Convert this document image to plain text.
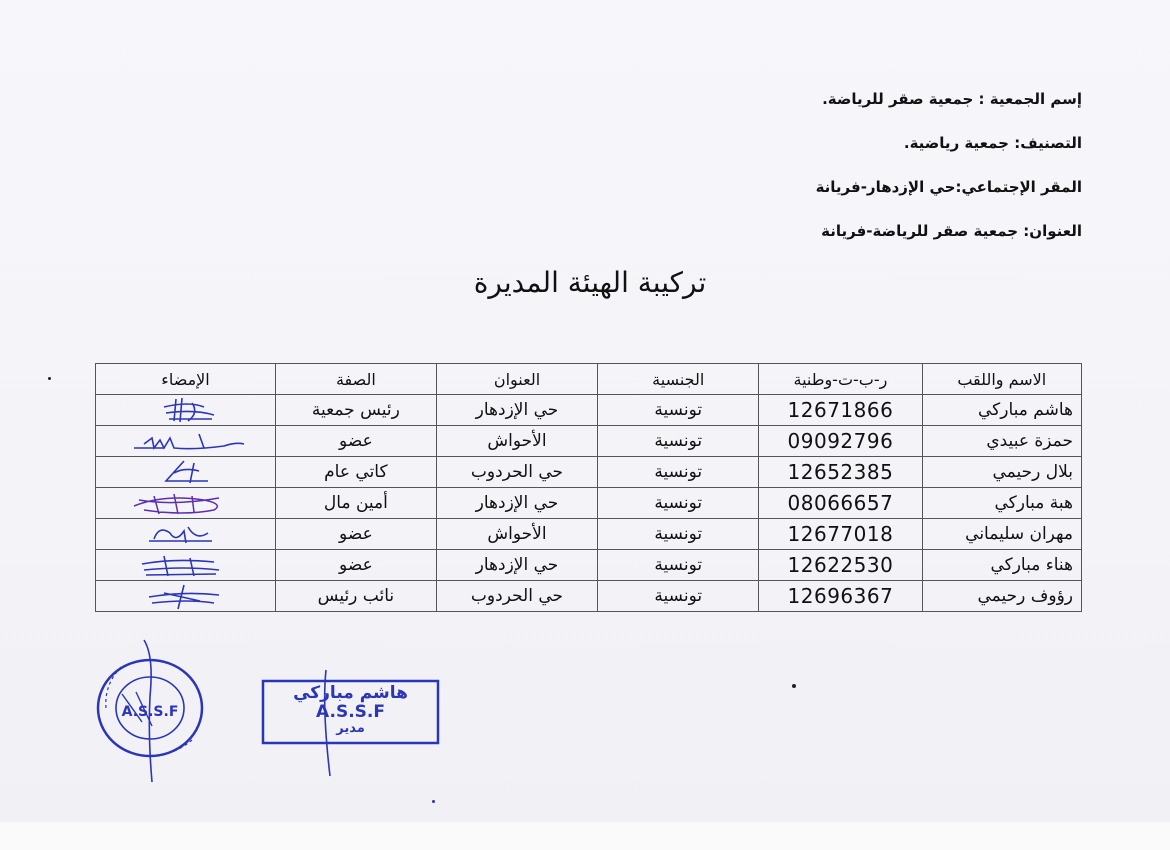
إسم الجمعية : جمعية صقر للرياضة.
التصنيف: جمعية رياضية.
المقر الإجتماعي:حي الإزدهار-فريانة
العنوان: جمعية صقر للرياضة-فريانة
تركيبة الهيئة المديرة
الاسم واللقب	ر-ب-ت-وطنية	الجنسية	العنوان	الصفة	الإمضاء
هاشم مباركي	12671866	تونسية	حي الإزدهار	رئيس جمعية	

حمزة عبيدي	09092796	تونسية	الأحواش	عضو	

بلال رحيمي	12652385	تونسية	حي الحردوب	كاتي عام	

هبة مباركي	08066657	تونسية	حي الإزدهار	أمين مال	

مهران سليماني	12677018	تونسية	الأحواش	عضو	

هناء مباركي	12622530	تونسية	حي الإزدهار	عضو	

رؤوف رحيمي	12696367	تونسية	حي الحردوب	نائب رئيس	
A.S.S.F
هاشم مباركي
A.S.S.F
مدير
